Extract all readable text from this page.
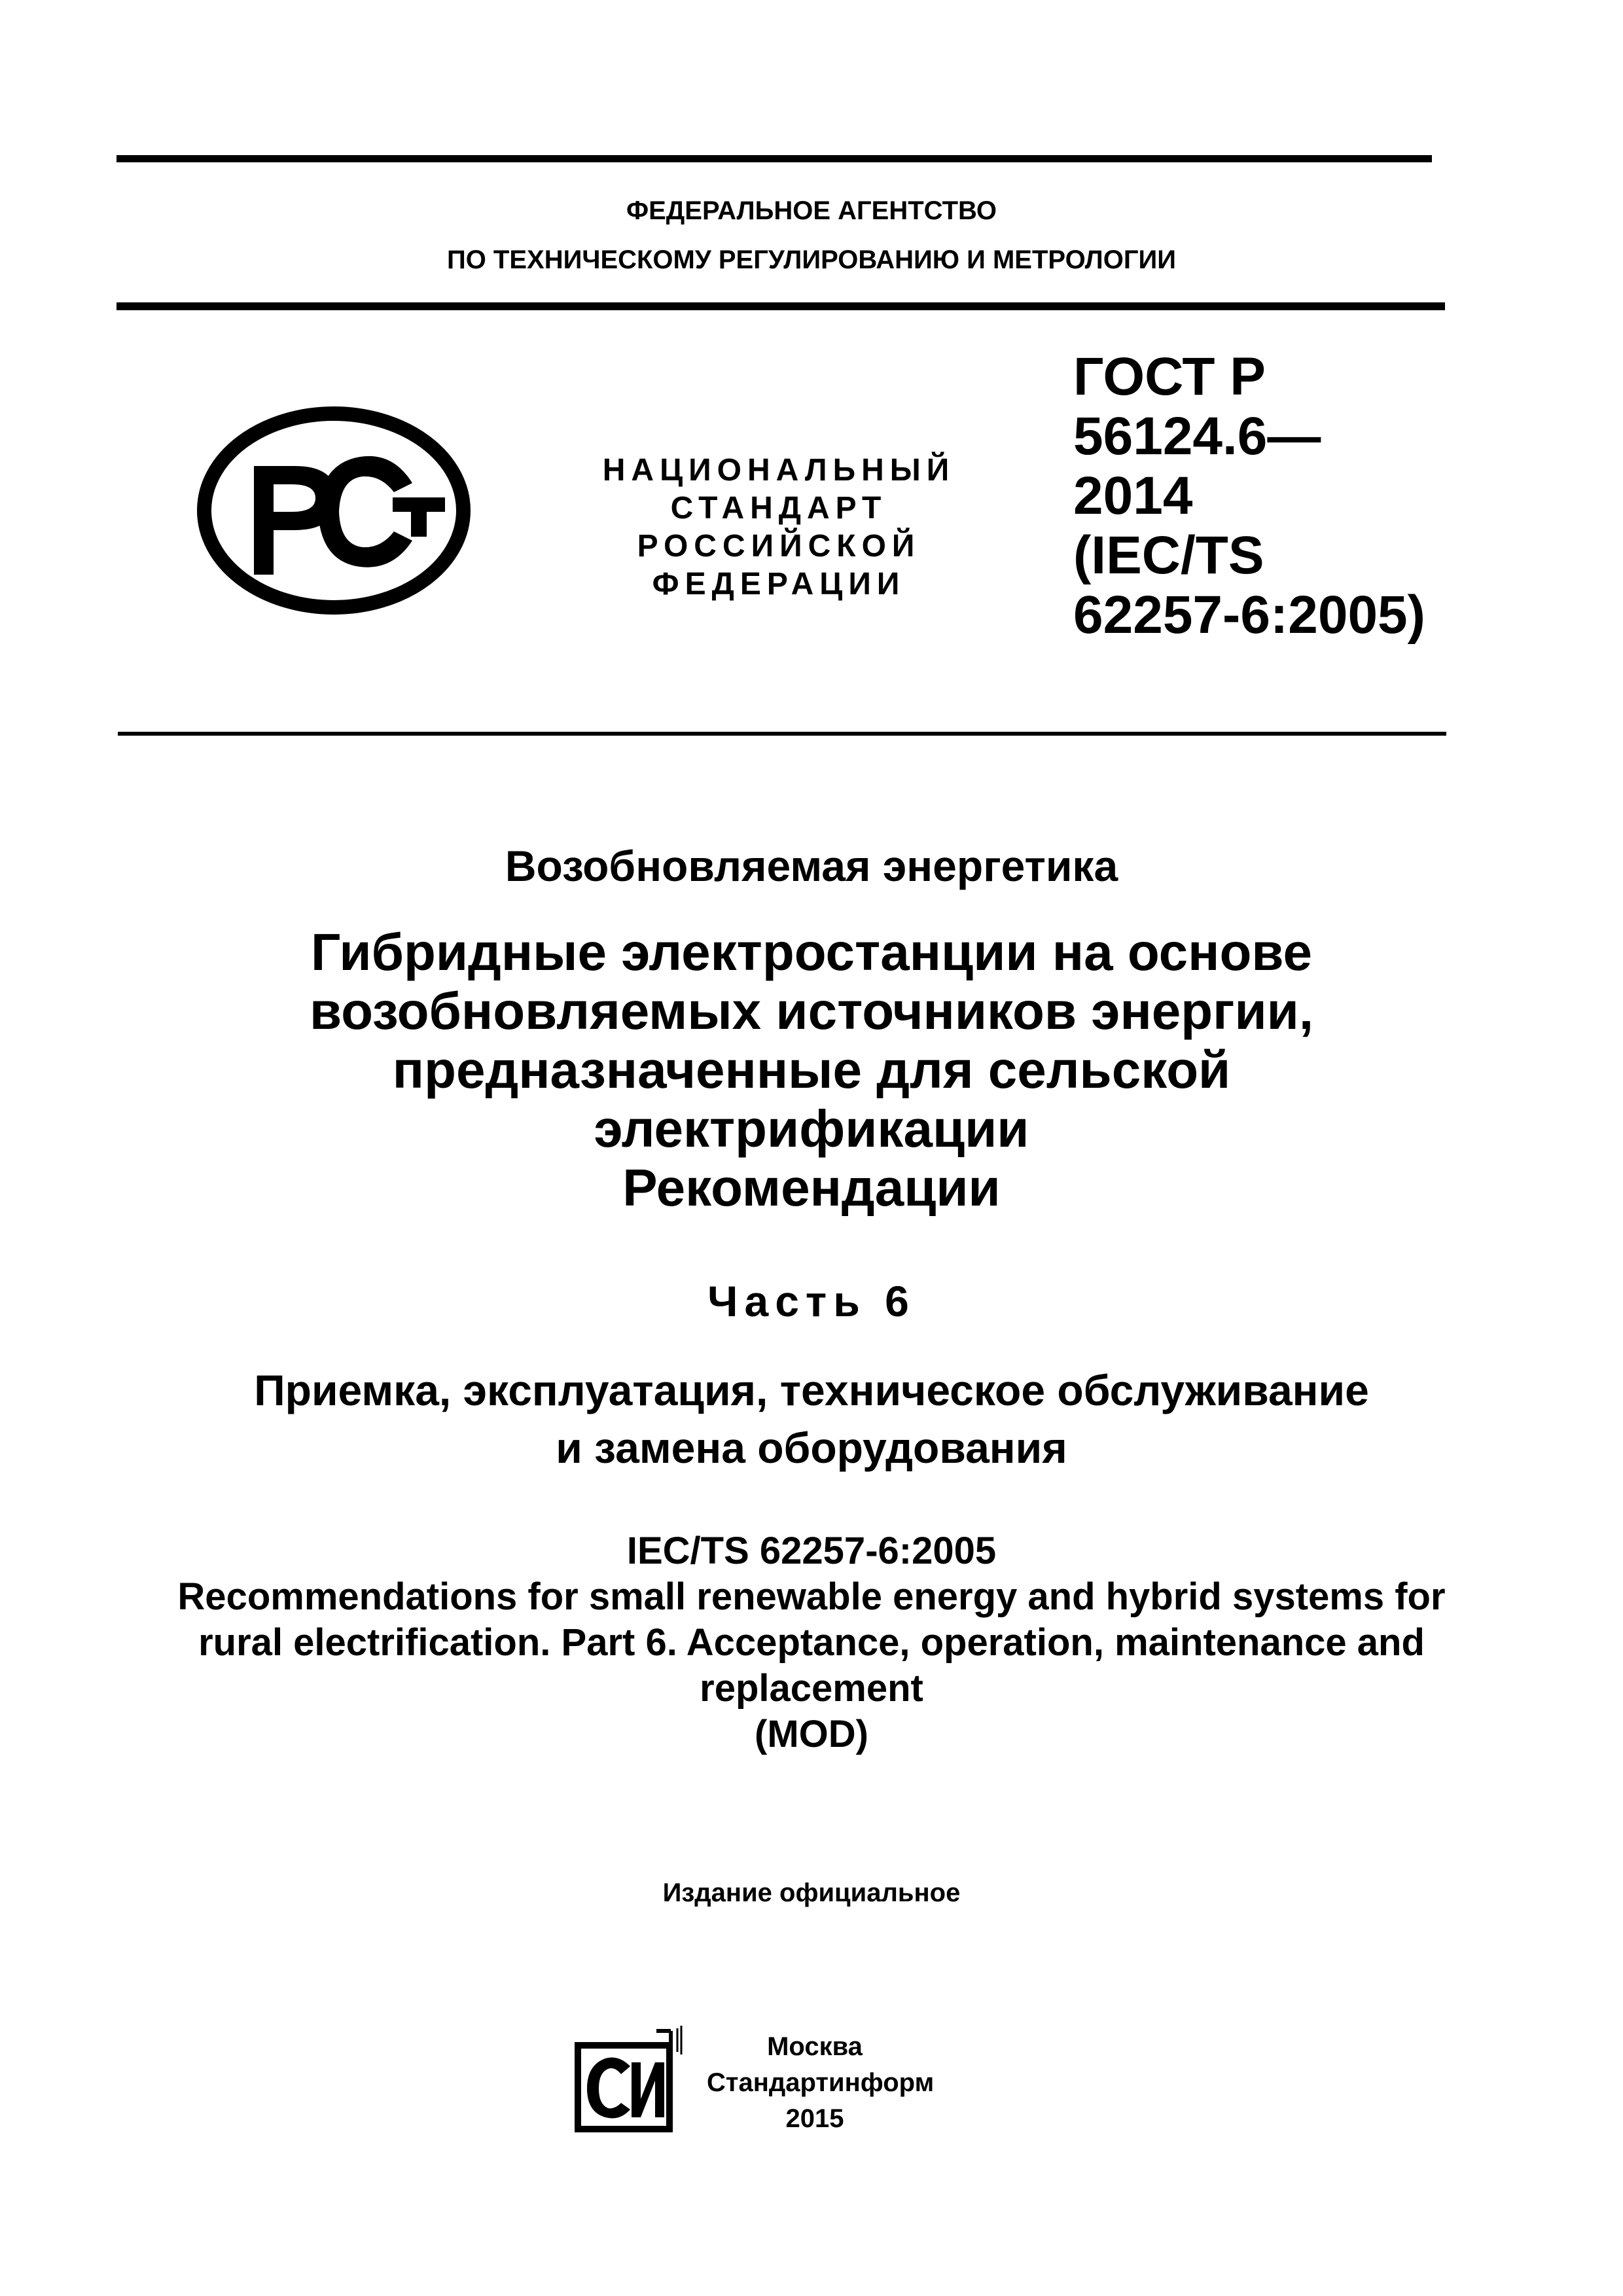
ФЕДЕРАЛЬНОЕ АГЕНТСТВО
ПО ТЕХНИЧЕСКОМУ РЕГУЛИРОВАНИЮ И МЕТРОЛОГИИ
НАЦИОНАЛЬНЫЙ
СТАНДАРТ
РОССИЙСКОЙ
ФЕДЕРАЦИИ
ГОСТ Р
56124.6—
2014
(IEC/TS
62257-6:2005)
Возобновляемая энергетика
Гибридные электростанции на основе
возобновляемых источников энергии,
предназначенные для сельской
электрификации
Рекомендации
Часть 6
Приемка, эксплуатация, техническое обслуживание
и замена оборудования
IEC/TS 62257-6:2005
Recommendations for small renewable energy and hybrid systems for
rural electrification. Part 6. Acceptance, operation, maintenance and
replacement
(MOD)
Издание официальное
Москва
Стандартинформ
2015
